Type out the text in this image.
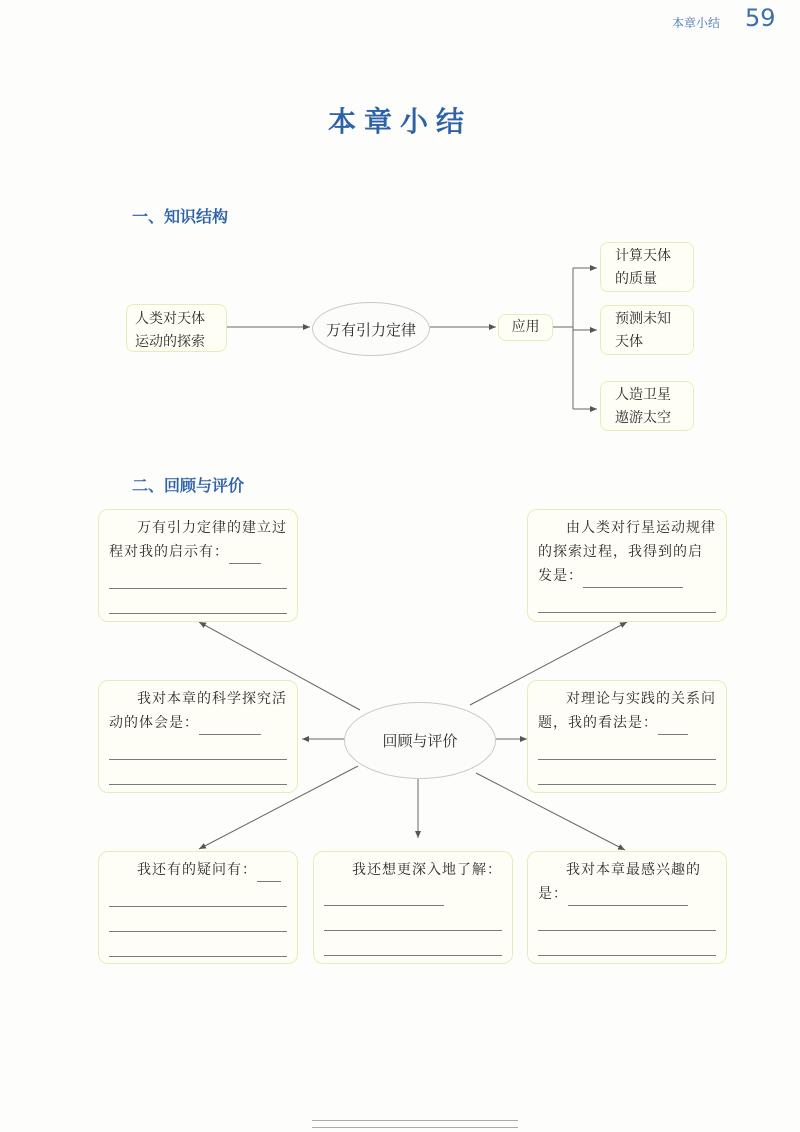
本章小结 59
本章小结
一、知识结构
人类对天体运动的探索
万有引力定律	应用
计算天体的质量
预测未知天体
人造卫星遨游太空
二、回顾与评价
回顾与评价
万有引力定律的建立过程对我的启示有：
由人类对行星运动规律的探索过程，我得到的启发是：
我对本章的科学探究活动的体会是：
对理论与实践的关系问题，我的看法是：
我还有的疑问有：	我还想更深入地了解：	我对本章最感兴趣的是：
